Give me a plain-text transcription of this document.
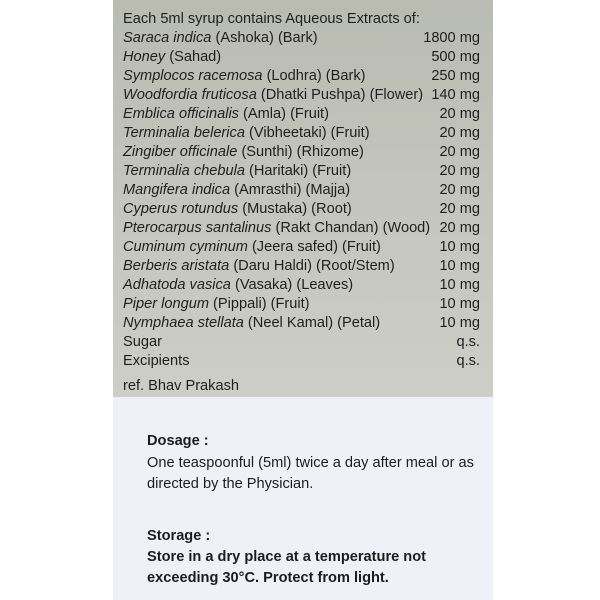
Each 5ml syrup contains Aqueous Extracts of:
Saraca indica (Ashoka) (Bark)	1800 mg
Honey (Sahad)	500 mg
Symplocos racemosa (Lodhra) (Bark)	250 mg
Woodfordia fruticosa (Dhatki Pushpa) (Flower) 140 mg
Emblica officinalis (Amla) (Fruit)	20 mg
Terminalia belerica (Vibheetaki) (Fruit)	20 mg
Zingiber officinale (Sunthi) (Rhizome)	20 mg
Terminalia chebula (Haritaki) (Fruit)	20 mg
Mangifera indica (Amrasthi) (Majja)	20 mg
Cyperus rotundus (Mustaka) (Root)	20 mg
Pterocarpus santalinus (Rakt Chandan) (Wood) 20 mg
Cuminum cyminum (Jeera safed) (Fruit)	10 mg
Berberis aristata (Daru Haldi) (Root/Stem)	10 mg
Adhatoda vasica (Vasaka) (Leaves)	10 mg
Piper longum (Pippali) (Fruit)	10 mg
Nymphaea stellata (Neel Kamal) (Petal)	10 mg
Sugar	q.s.
Excipients	q.s.
ref. Bhav Prakash
Dosage :
One teaspoonful (5ml) twice a day after meal or as directed by the Physician.
Storage :
Store in a dry place at a temperature not exceeding 30°C. Protect from light.
